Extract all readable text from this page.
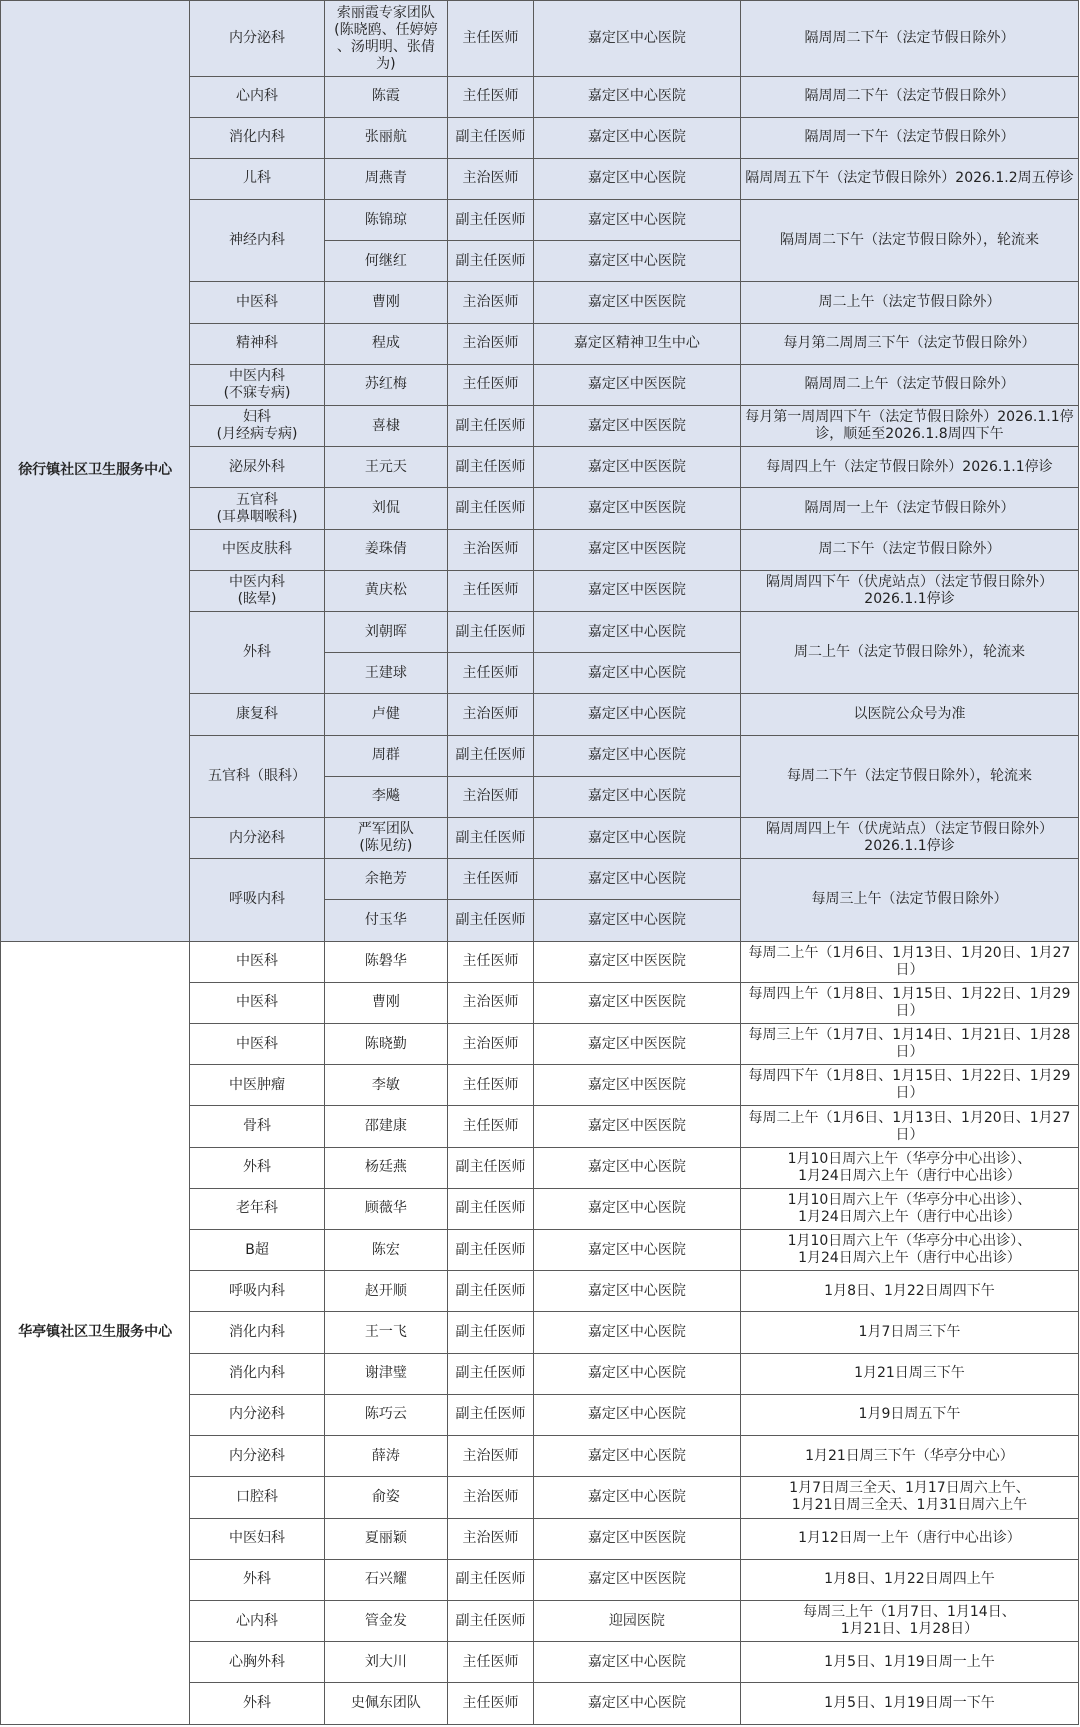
徐行镇社区卫生服务中心	内分泌科	索丽霞专家团队
(陈晓鸥、任婷婷
、汤明明、张倩
为)	主任医师	嘉定区中心医院	隔周周二下午（法定节假日除外）
	心内科	陈霞	主任医师	嘉定区中心医院	隔周周二下午（法定节假日除外）
	消化内科	张丽航	副主任医师	嘉定区中心医院	隔周周一下午（法定节假日除外）
	儿科	周燕青	主治医师	嘉定区中心医院	隔周周五下午（法定节假日除外）2026.1.2周五停诊
	神经内科	陈锦琼	副主任医师	嘉定区中心医院	隔周周二下午（法定节假日除外），轮流来
		何继红	副主任医师	嘉定区中心医院	
	中医科	曹刚	主治医师	嘉定区中医医院	周二上午（法定节假日除外）
	精神科	程成	主治医师	嘉定区精神卫生中心	每月第二周周三下午（法定节假日除外）
	中医内科
(不寐专病)	苏红梅	主任医师	嘉定区中医医院	隔周周二上午（法定节假日除外）
	妇科
(月经病专病)	喜棣	副主任医师	嘉定区中医医院	每月第一周周四下午（法定节假日除外）2026.1.1停
诊，顺延至2026.1.8周四下午
	泌尿外科	王元天	副主任医师	嘉定区中医医院	每周四上午（法定节假日除外）2026.1.1停诊
	五官科
(耳鼻咽喉科)	刘侃	副主任医师	嘉定区中医医院	隔周周一上午（法定节假日除外）
	中医皮肤科	姜珠倩	主治医师	嘉定区中医医院	周二下午（法定节假日除外）
	中医内科
(眩晕)	黄庆松	主任医师	嘉定区中医医院	隔周周四下午（伏虎站点）（法定节假日除外）
2026.1.1停诊
	外科	刘朝晖	副主任医师	嘉定区中心医院	周二上午（法定节假日除外），轮流来
		王建球	主任医师	嘉定区中心医院	
	康复科	卢健	主治医师	嘉定区中心医院	以医院公众号为准
	五官科（眼科）	周群	副主任医师	嘉定区中心医院	每周二下午（法定节假日除外），轮流来
		李飚	主治医师	嘉定区中心医院	
	内分泌科	严军团队
(陈见纺)	副主任医师	嘉定区中心医院	隔周周四上午（伏虎站点）（法定节假日除外）
2026.1.1停诊
	呼吸内科	余艳芳	主任医师	嘉定区中心医院	每周三上午（法定节假日除外）
		付玉华	副主任医师	嘉定区中心医院	
华亭镇社区卫生服务中心	中医科	陈磐华	主任医师	嘉定区中医医院	每周二上午（1月6日、1月13日、1月20日、1月27日）
	中医科	曹刚	主治医师	嘉定区中医医院	每周四上午（1月8日、1月15日、1月22日、1月29日）
	中医科	陈晓勤	主治医师	嘉定区中医医院	每周三上午（1月7日、1月14日、1月21日、1月28日）
	中医肿瘤	李敏	主任医师	嘉定区中医医院	每周四下午（1月8日、1月15日、1月22日、1月29日）
	骨科	邵建康	主任医师	嘉定区中医医院	每周二上午（1月6日、1月13日、1月20日、1月27日）
	外科	杨廷燕	副主任医师	嘉定区中心医院	1月10日周六上午（华亭分中心出诊）、
1月24日周六上午（唐行中心出诊）
	老年科	顾薇华	副主任医师	嘉定区中心医院	1月10日周六上午（华亭分中心出诊）、
1月24日周六上午（唐行中心出诊）
	B超	陈宏	副主任医师	嘉定区中心医院	1月10日周六上午（华亭分中心出诊）、
1月24日周六上午（唐行中心出诊）
	呼吸内科	赵开顺	副主任医师	嘉定区中心医院	1月8日、1月22日周四下午
	消化内科	王一飞	副主任医师	嘉定区中心医院	1月7日周三下午
	消化内科	谢津璧	副主任医师	嘉定区中心医院	1月21日周三下午
	内分泌科	陈巧云	副主任医师	嘉定区中心医院	1月9日周五下午
	内分泌科	薛涛	主治医师	嘉定区中心医院	1月21日周三下午（华亭分中心）
	口腔科	俞姿	主治医师	嘉定区中心医院	1月7日周三全天、1月17日周六上午、
1月21日周三全天、1月31日周六上午
	中医妇科	夏丽颖	主治医师	嘉定区中医医院	1月12日周一上午（唐行中心出诊）
	外科	石兴耀	副主任医师	嘉定区中医医院	1月8日、1月22日周四上午
	心内科	管金发	副主任医师	迎园医院	每周三上午（1月7日、1月14日、
1月21日、1月28日）
	心胸外科	刘大川	主任医师	嘉定区中心医院	1月5日、1月19日周一上午
	外科	史佩东团队	主任医师	嘉定区中心医院	1月5日、1月19日周一下午
